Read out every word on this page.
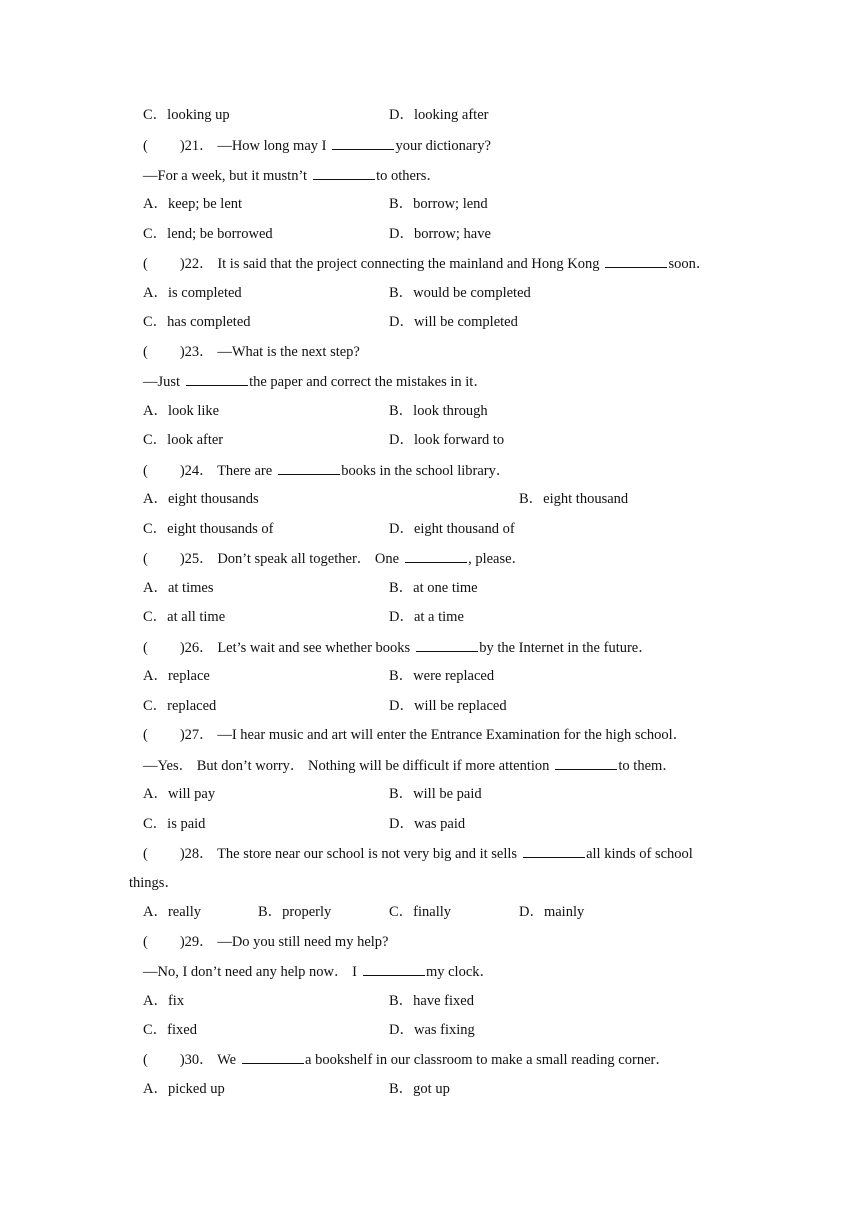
C．looking up	D．looking after
( )21． —How long may I	your dictionary?
—For a week, but it mustn’t	to others．
A．keep; be lent	B．borrow; lend
C．lend; be borrowed	D．borrow; have
( )22． It is said that the project connecting the mainland and Hong Kong	soon．
A．is completed	B．would be completed
C．has completed	D．will be completed
( )23． —What is the next step?
—Just	the paper and correct the mistakes in it．
A．look like	B．look through
C．look after	D．look forward to
( )24． There are	books in the school library．
A．eight thousands	B．eight thousand
C．eight thousands of	D．eight thousand of
( )25． Don’t speak all together． One	, please．
A．at times	B．at one time
C．at all time	D．at a time
( )26． Let’s wait and see whether books	by the Internet in the future．
A．replace	B．were replaced
C．replaced	D．will be replaced
( )27． —I hear music and art will enter the Entrance Examination for the high school．
—Yes． But don’t worry． Nothing will be difficult if more attention	to them．
A．will pay	B．will be paid
C．is paid	D．was paid
( )28． The store near our school is not very big and it sells	all kinds of school
things．
A．really	B．properly	C．finally	D．mainly
( )29． —Do you still need my help?
—No, I don’t need any help now． I	my clock．
A．fix	B．have fixed
C．fixed	D．was fixing
( )30． We	a bookshelf in our classroom to make a small reading corner．
A．picked up	B．got up
